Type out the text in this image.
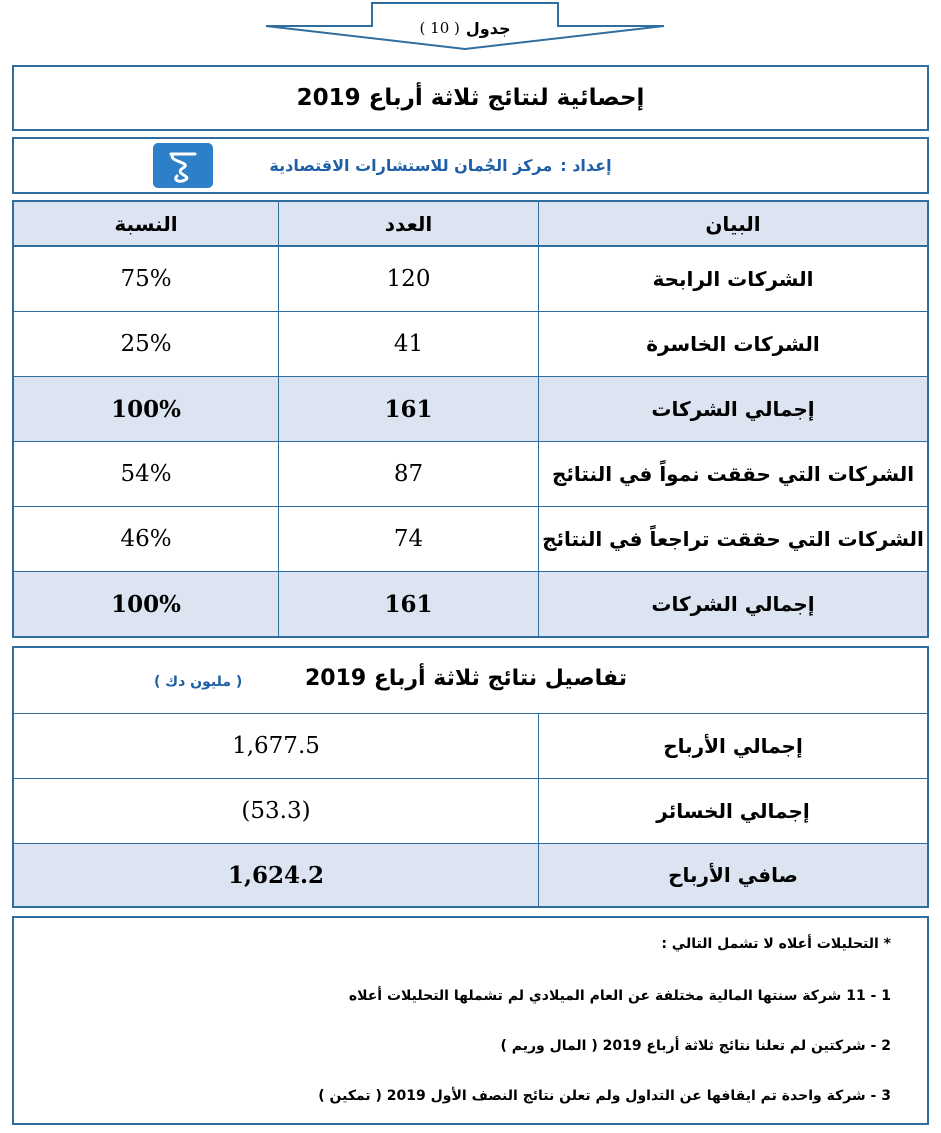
جدول
( 10 )
إحصائية لنتائج ثلاثة أرباع 2019
إعداد :
مركز الجُمان للاستشارات الاقتصادية
البيان
العدد
النسبة
الشركات الرابحة
120
75%
الشركات الخاسرة
41
25%
إجمالي الشركات
161
100%
الشركات التي حققت نمواً في النتائج
87
54%
الشركات التي حققت تراجعاً في النتائج
74
46%
إجمالي الشركات
161
100%
تفاصيل نتائج ثلاثة أرباع 2019
( مليون دك )
إجمالي الأرباح
1,677.5
إجمالي الخسائر
(53.3)
صافي الأرباح
1,624.2
* التحليلات أعلاه لا تشمل التالي :
1 - 11 شركة سنتها المالية مختلفة عن العام الميلادي لم تشملها التحليلات أعلاه
2 - شركتين لم تعلنا نتائج ثلاثة أرباع 2019 ( المال وريم )
3 - شركة واحدة تم ايقافها عن التداول ولم تعلن نتائج النصف الأول 2019 ( تمكين )
